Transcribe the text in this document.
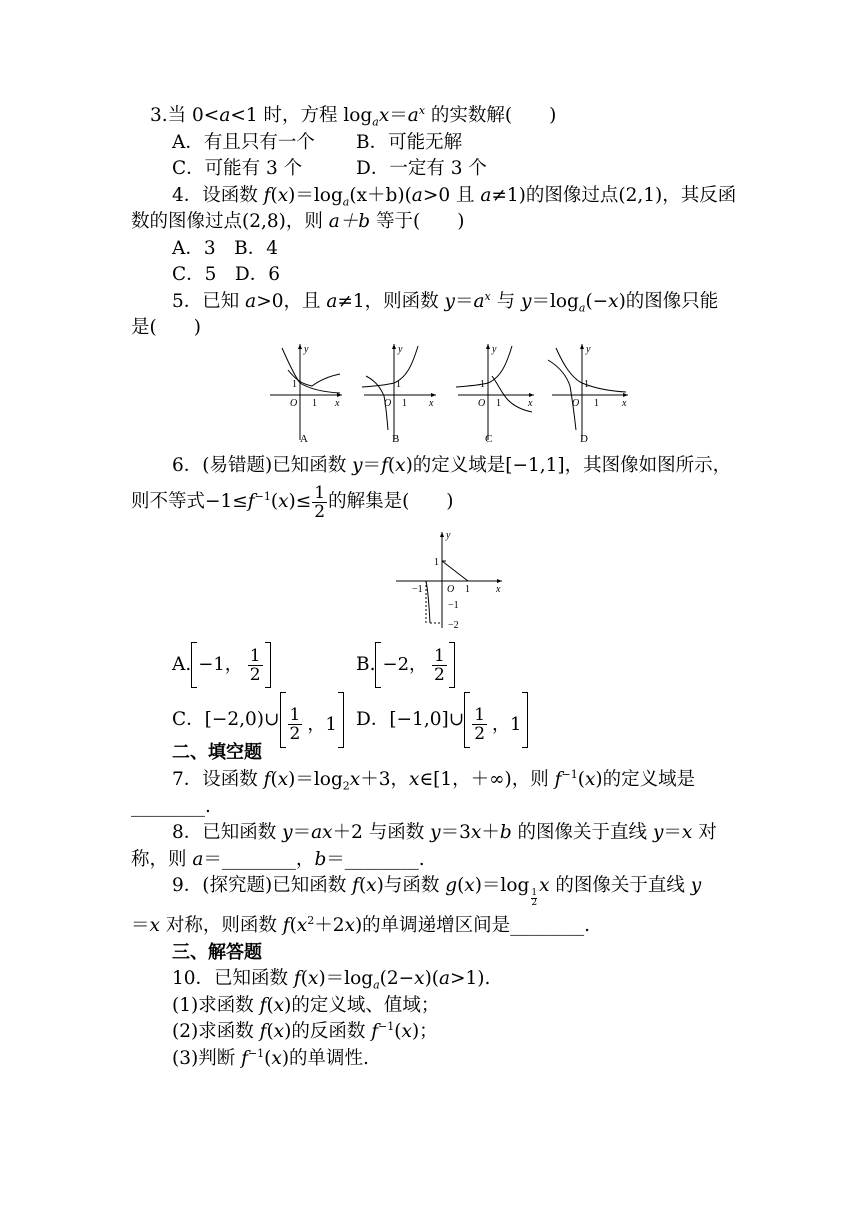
3.当 0<a<1 时，方程 $\log_ax=a^x$ 的实数解(　　)
A．有且只有一个 B．可能无解
C．可能有 3 个	D．一定有 3 个
4．设函数 $f(x)=\log_a(x+b)(a>0$ 且 a≠1)的图像过点(2,1)，其反函
数的图像过点(2,8)，则 a＋b 等于(　　)
A．3　B．4
C．5　D．6
5．已知 a>0，且 a≠1，则函数 $y=a^x$ 与 $y=\log_a(-x)$的图像只能
是(　　)
y
x
O
1
1
A
y
x
O
1
1
B
y
x
O
1
1
C
y
x
O
1
1
D
6．(易错题)已知函数 y＝f(x)的定义域是[−1,1]，其图像如图所示，
则不等式$-1\le f^{-1}(x)\le \frac{1}{2}$ 的解集是(　　)
y
x
O
1
1
−1
−1
−2
A. −1， $\frac{1}{2}$	B. −2， $\frac{1}{2}$
C．[−2,0)∪ $\frac{1}{2}$ ，1 D．[−1,0]∪ $\frac{1}{2}$ ，1
二、填空题
7．设函数 $f(x)=\log_2x+3$，x∈[1，＋∞)，则 $f^{-1}(x)$的定义域是
________.
8．已知函数 y＝ax＋2 与函数 y＝3x＋b 的图像关于直线 y＝x 对
称，则 a＝________，b＝________.
9．(探究题)已知函数 f(x)与函数 g(x)＝log
$\frac{1}{2}$
x 的图像关于直线 y
＝x 对称，则函数 $f(x^2+2x)$的单调递增区间是________.
三、解答题
10．已知函数 $f(x)=\log_a(2-x)(a>1)$.
(1)求函数 f(x)的定义域、值域；
(2)求函数 f(x)的反函数 $f^{-1}(x)$；
(3)判断 $f^{-1}(x)$的单调性.
